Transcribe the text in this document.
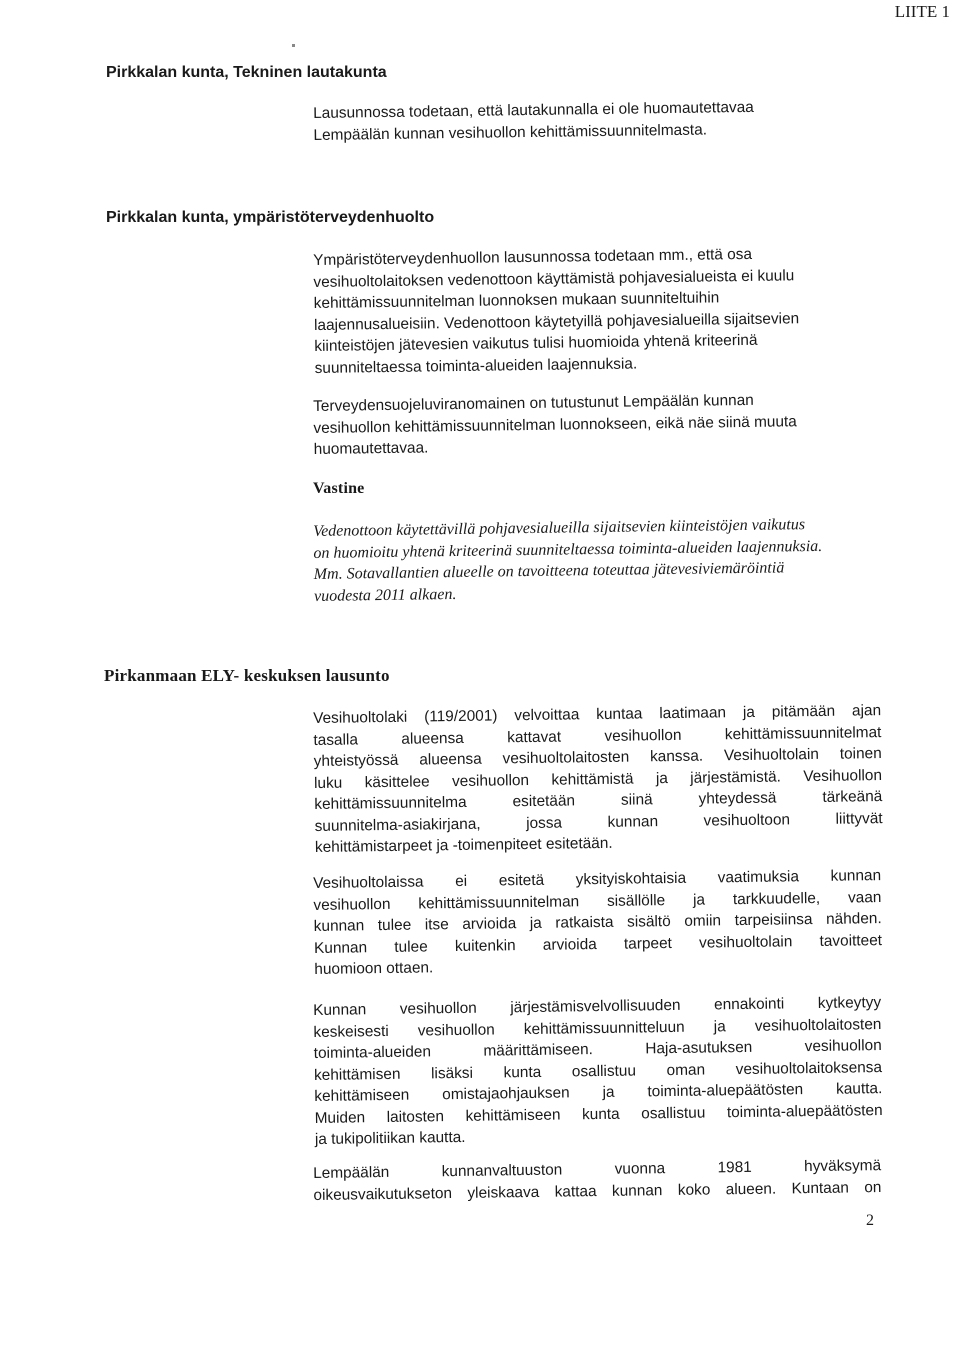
LIITE 1
Pirkkalan kunta, Tekninen lautakunta
Lausunnossa todetaan, että lautakunnalla ei ole huomautettavaa
Lempäälän kunnan vesihuollon kehittämissuunnitelmasta.
Pirkkalan kunta, ympäristöterveydenhuolto
Ympäristöterveydenhuollon lausunnossa todetaan mm., että osa
vesihuoltolaitoksen vedenottoon käyttämistä pohjavesialueista ei kuulu
kehittämissuunnitelman luonnoksen mukaan suunniteltuihin
laajennusalueisiin. Vedenottoon käytetyillä pohjavesialueilla sijaitsevien
kiinteistöjen jätevesien vaikutus tulisi huomioida yhtenä kriteerinä
suunniteltaessa toiminta-alueiden laajennuksia.
Terveydensuojeluviranomainen on tutustunut Lempäälän kunnan
vesihuollon kehittämissuunnitelman luonnokseen, eikä näe siinä muuta
huomautettavaa.
Vastine
Vedenottoon käytettävillä pohjavesialueilla sijaitsevien kiinteistöjen vaikutus
on huomioitu yhtenä kriteerinä suunniteltaessa toiminta-alueiden laajennuksia.
Mm. Sotavallantien alueelle on tavoitteena toteuttaa jätevesiviemäröintiä
vuodesta 2011 alkaen.
Pirkanmaan ELY- keskuksen lausunto
Vesihuoltolaki (119/2001) velvoittaa kuntaa laatimaan ja pitämään ajan
tasalla alueensa kattavat vesihuollon kehittämissuunnitelmat
yhteistyössä alueensa vesihuoltolaitosten kanssa. Vesihuoltolain toinen
luku käsittelee vesihuollon kehittämistä ja järjestämistä. Vesihuollon
kehittämissuunnitelma esitetään siinä yhteydessä tärkeänä
suunnitelma-asiakirjana, jossa kunnan vesihuoltoon liittyvät
kehittämistarpeet ja -toimenpiteet esitetään.
Vesihuoltolaissa ei esitetä yksityiskohtaisia vaatimuksia kunnan
vesihuollon kehittämissuunnitelman sisällölle ja tarkkuudelle, vaan
kunnan tulee itse arvioida ja ratkaista sisältö omiin tarpeisiinsa nähden.
Kunnan tulee kuitenkin arvioida tarpeet vesihuoltolain tavoitteet
huomioon ottaen.
Kunnan vesihuollon järjestämisvelvollisuuden ennakointi kytkeytyy
keskeisesti vesihuollon kehittämissuunnitteluun ja vesihuoltolaitosten
toiminta-alueiden määrittämiseen. Haja-asutuksen vesihuollon
kehittämisen lisäksi kunta osallistuu oman vesihuoltolaitoksensa
kehittämiseen omistajaohjauksen ja toiminta-aluepäätösten kautta.
Muiden laitosten kehittämiseen kunta osallistuu toiminta-aluepäätösten
ja tukipolitiikan kautta.
Lempäälän kunnanvaltuuston vuonna 1981 hyväksymä
oikeusvaikutukseton yleiskaava kattaa kunnan koko alueen. Kuntaan on
2
